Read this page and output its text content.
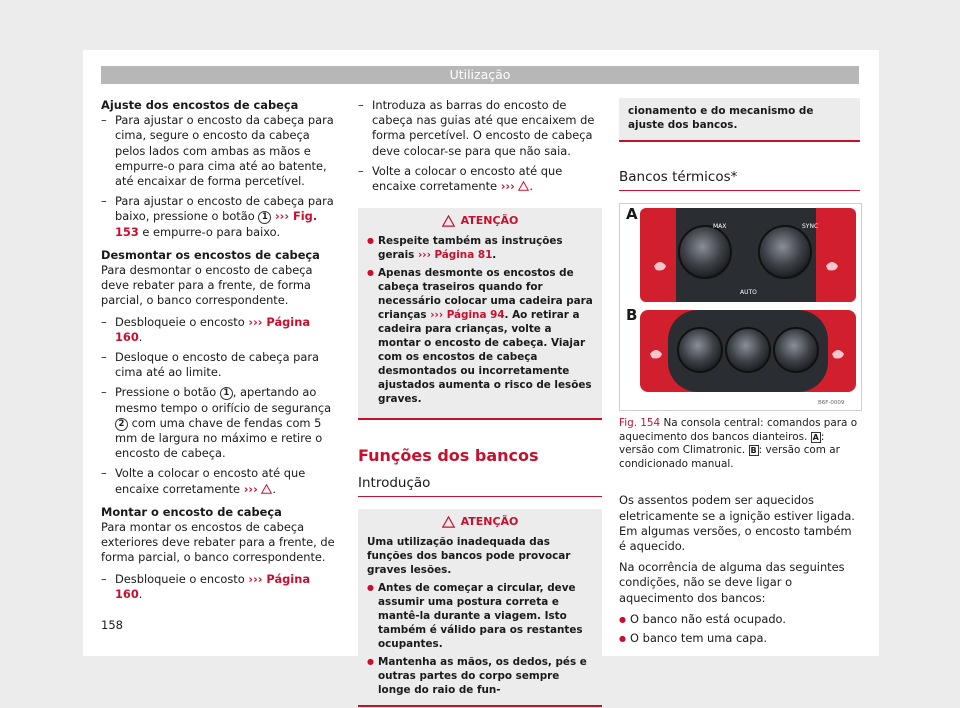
Utilização

Ajuste dos encostos de cabeça

– Para ajustar o encosto da cabeça para cima, segure o encosto da cabeça pelos lados com ambas as mãos e empurre-o para cima até ao batente, até encaixar de forma percetível.
– Para ajustar o encosto de cabeça para baixo, pressione o botão 1 ››› Fig. 153 e empurre-o para baixo.

Desmontar os encostos de cabeça

Para desmontar o encosto de cabeça deve rebater para a frente, de forma parcial, o banco correspondente.

– Desbloqueie o encosto ››› Página 160.
– Desloque o encosto de cabeça para cima até ao limite.
– Pressione o botão 1 , apertando ao mesmo tempo o orifício de segurança 2 com uma chave de fendas com 5 mm de largura no máximo e retire o encosto de cabeça.
– Volte a colocar o encosto até que encaixe corretamente ››› .

Montar o encosto de cabeça

Para montar os encostos de cabeça exteriores deve rebater para a frente, de forma parcial, o banco correspondente.

– Desbloqueie o encosto ››› Página 160.
– Introduza as barras do encosto de cabeça nas guias até que encaixem de forma percetível. O encosto de cabeça deve colocar-se para que não saia.
– Volte a colocar o encosto até que encaixe corretamente ››› .
ATENÇÃO
● Respeite também as instruções gerais ››› Página 81.
● Apenas desmonte os encostos de cabeça traseiros quando for necessário colocar uma cadeira para crianças ››› Página 94. Ao retirar a cadeira para crianças, volte a montar o encosto de cabeça. Viajar com os encostos de cabeça desmontados ou incorretamente ajustados aumenta o risco de lesões graves.
Funções dos bancos
Introdução
ATENÇÃO

Uma utilização inadequada das funções dos bancos pode provocar graves lesões.

● Antes de começar a circular, deve assumir uma postura correta e mantê-la durante a viagem. Isto também é válido para os restantes ocupantes.
● Mantenha as mãos, os dedos, pés e outras partes do corpo sempre longe do raio de fun-
cionamento e do mecanismo de ajuste dos bancos.
Bancos térmicos*
A
B
MAX	SYNC
AUTO
B6F-0009

Fig. 154 Na consola central: comandos para o aquecimento dos bancos dianteiros. A : versão com Climatronic. B : versão com ar condicionado manual.

Os assentos podem ser aquecidos eletricamente se a ignição estiver ligada. Em algumas versões, o encosto também é aquecido.

Na ocorrência de alguma das seguintes condições, não se deve ligar o aquecimento dos bancos:

● O banco não está ocupado.
● O banco tem uma capa.
158
